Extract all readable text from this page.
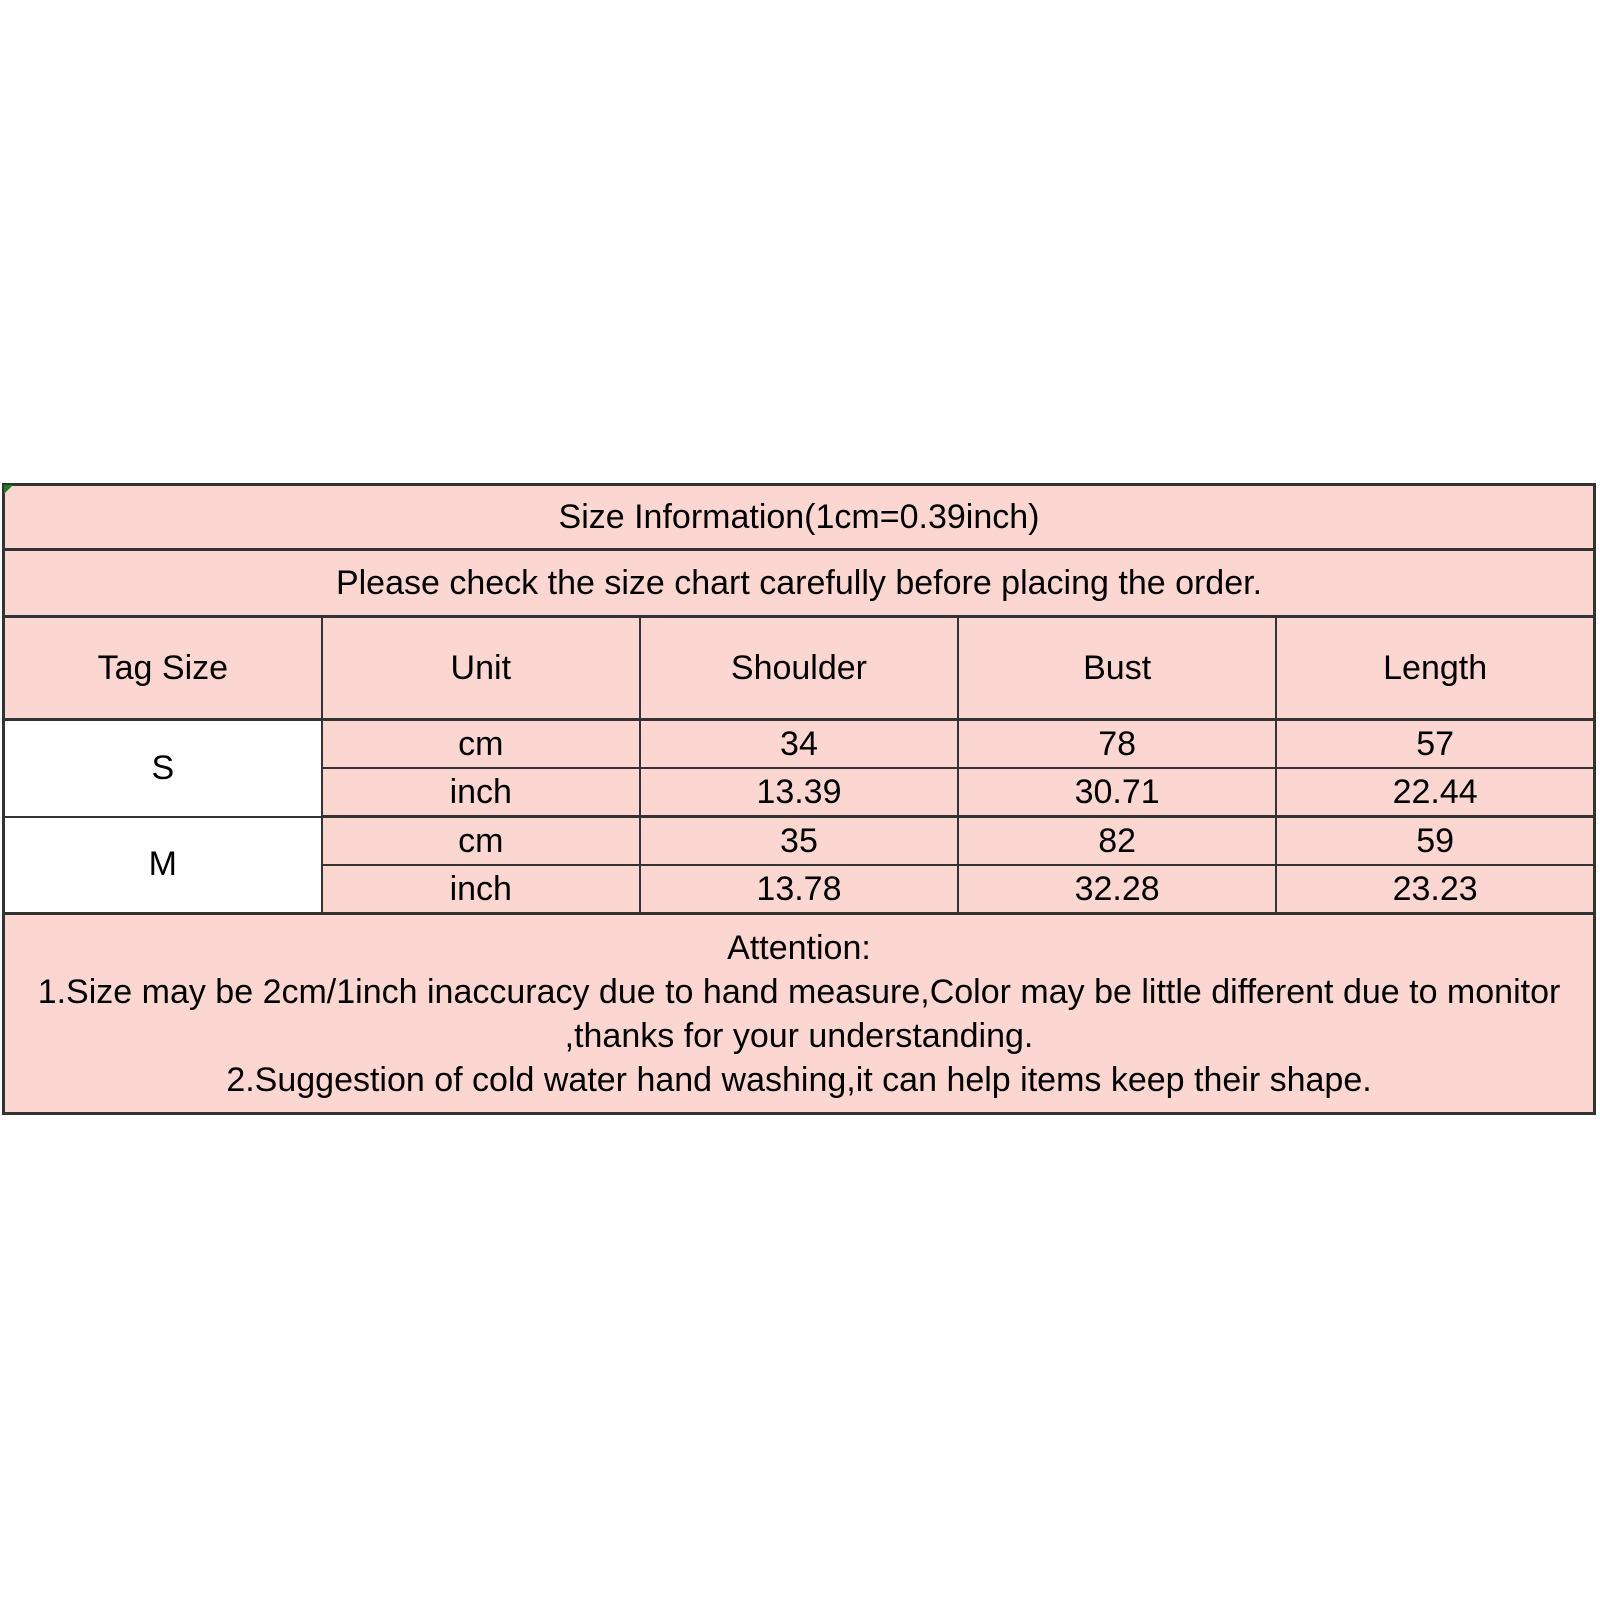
Size Information(1cm=0.39inch)				
Please check the size chart carefully before placing the order.				
Tag Size	Unit	Shoulder	Bust	Length
S	cm	34	78	57
	inch	13.39	30.71	22.44
M	cm	35	82	59
	inch	13.78	32.28	23.23

Attention:
1.Size may be 2cm/1inch inaccuracy due to hand measure,Color may be little different due to monitor
,thanks for your understanding.
2.Suggestion of cold water hand washing,it can help items keep their shape.				
